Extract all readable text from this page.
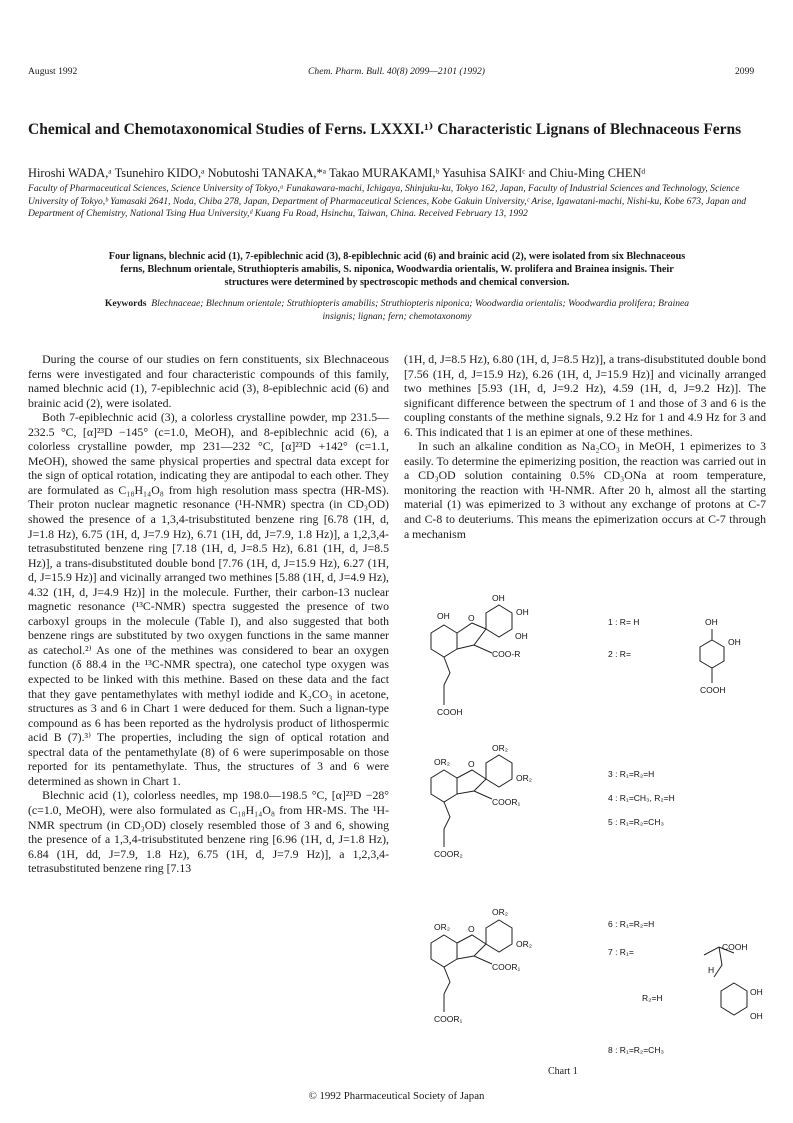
August 1992	Chem. Pharm. Bull. 40(8) 2099—2101 (1992)	2099
Chemical and Chemotaxonomical Studies of Ferns. LXXXI.¹⁾ Characteristic Lignans of Blechnaceous Ferns
Hiroshi WADA,ᵃ Tsunehiro KIDO,ᵃ Nobutoshi TANAKA,*ᵃ Takao MURAKAMI,ᵇ Yasuhisa SAIKIᶜ and Chiu-Ming CHENᵈ
Faculty of Pharmaceutical Sciences, Science University of Tokyo,ᵃ Funakawara-machi, Ichigaya, Shinjuku-ku, Tokyo 162, Japan, Faculty of Industrial Sciences and Technology, Science University of Tokyo,ᵇ Yamasaki 2641, Noda, Chiba 278, Japan, Department of Pharmaceutical Sciences, Kobe Gakuin University,ᶜ Arise, Igawatani-machi, Nishi-ku, Kobe 673, Japan and Department of Chemistry, National Tsing Hua University,ᵈ Kuang Fu Road, Hsinchu, Taiwan, China. Received February 13, 1992
Four lignans, blechnic acid (1), 7-epiblechnic acid (3), 8-epiblechnic acid (6) and brainic acid (2), were isolated from six Blechnaceous ferns, Blechnum orientale, Struthiopteris amabilis, S. niponica, Woodwardia orientalis, W. prolifera and Brainea insignis. Their structures were determined by spectroscopic methods and chemical conversion.
Keywords Blechnaceae; Blechnum orientale; Struthiopteris amabilis; Struthiopteris niponica; Woodwardia orientalis; Woodwardia prolifera; Brainea insignis; lignan; fern; chemotaxonomy

During the course of our studies on fern constituents, six Blechnaceous ferns were investigated and four characteristic compounds of this family, named blechnic acid (1), 7-epiblechnic acid (3), 8-epiblechnic acid (6) and brainic acid (2), were isolated.

Both 7-epiblechnic acid (3), a colorless crystalline powder, mp 231.5—232.5 °C, [α]²³D −145° (c=1.0, MeOH), and 8-epiblechnic acid (6), a colorless crystalline powder, mp 231—232 °C, [α]²³D +142° (c=1.1, MeOH), showed the same physical properties and spectral data except for the sign of optical rotation, indicating they are antipodal to each other. They are formulated as C₁₈H₁₄O₈ from high resolution mass spectra (HR-MS). Their proton nuclear magnetic resonance (¹H-NMR) spectra (in CD₃OD) showed the presence of a 1,3,4-trisubstituted benzene ring [6.78 (1H, d, J=1.8 Hz), 6.75 (1H, d, J=7.9 Hz), 6.71 (1H, dd, J=7.9, 1.8 Hz)], a 1,2,3,4-tetrasubstituted benzene ring [7.18 (1H, d, J=8.5 Hz), 6.81 (1H, d, J=8.5 Hz)], a trans-disubstituted double bond [7.76 (1H, d, J=15.9 Hz), 6.27 (1H, d, J=15.9 Hz)] and vicinally arranged two methines [5.88 (1H, d, J=4.9 Hz), 4.32 (1H, d, J=4.9 Hz)] in the molecule. Further, their carbon-13 nuclear magnetic resonance (¹³C-NMR) spectra suggested the presence of two carboxyl groups in the molecule (Table I), and also suggested that both benzene rings are substituted by two oxygen functions in the same manner as catechol.²⁾ As one of the methines was considered to bear an oxygen function (δ 88.4 in the ¹³C-NMR spectra), one catechol type oxygen was expected to be linked with this methine. Based on these data and the fact that they gave pentamethylates with methyl iodide and K₂CO₃ in acetone, structures as 3 and 6 in Chart 1 were deduced for them. Such a lignan-type compound as 6 has been reported as the hydrolysis product of lithospermic acid B (7).³⁾ The properties, including the sign of optical rotation and spectral data of the pentamethylate (8) of 6 were superimposable on those reported for its pentamethylate. Thus, the structures of 3 and 6 were determined as shown in Chart 1.

Blechnic acid (1), colorless needles, mp 198.0—198.5 °C, [α]²³D −28° (c=1.0, MeOH), were also formulated as C₁₈H₁₄O₈ from HR-MS. The ¹H-NMR spectrum (in CD₃OD) closely resembled those of 3 and 6, showing the presence of a 1,3,4-trisubstituted benzene ring [6.96 (1H, d, J=1.8 Hz), 6.84 (1H, dd, J=7.9, 1.8 Hz), 6.75 (1H, d, J=7.9 Hz)], a 1,2,3,4-tetrasubstituted benzene ring [7.13

(1H, d, J=8.5 Hz), 6.80 (1H, d, J=8.5 Hz)], a trans-disubstituted double bond [7.56 (1H, d, J=15.9 Hz), 6.26 (1H, d, J=15.9 Hz)] and vicinally arranged two methines [5.93 (1H, d, J=9.2 Hz), 4.59 (1H, d, J=9.2 Hz)]. The significant difference between the spectrum of 1 and those of 3 and 6 is the coupling constants of the methine signals, 9.2 Hz for 1 and 4.9 Hz for 3 and 6. This indicated that 1 is an epimer at one of these methines.

In such an alkaline condition as Na₂CO₃ in MeOH, 1 epimerizes to 3 easily. To determine the epimerizing position, the reaction was carried out in a CD₃OD solution containing 0.5% CD₃ONa at room temperature, monitoring the reaction with ¹H-NMR. After 20 h, almost all the starting material (1) was epimerized to 3 without any exchange of protons at C-7 and C-8 to deuteriums. This means the epimerization occurs at C-7 through a mechanism

OH
OH
OH
OH O
COO-R
COOH
OR₂
OR₂
OR₂ O
COOR₁
COOR₂
OR₂
OR₂
OR₂ O
COOR₁
COOR₁
1 : R= H
2 : R=
OH
OH
COOH
3 : R₁=R₂=H
4 : R₁=CH₃, R₂=H
5 : R₁=R₂=CH₃
6 : R₁=R₂=H
7 : R₁=	COOH
H
OH
OH
R₂=H
8 : R₁=R₂=CH₃
Chart 1
© 1992 Pharmaceutical Society of Japan
